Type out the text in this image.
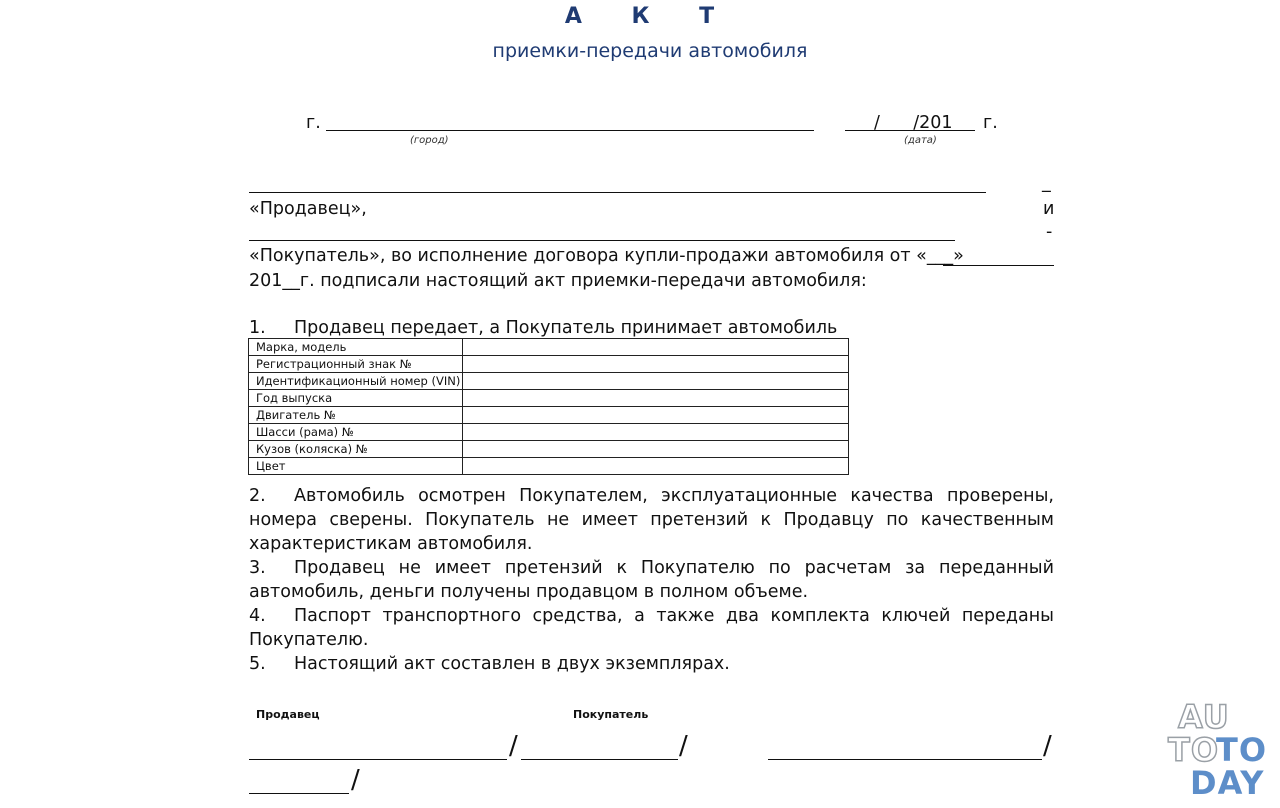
А К Т
приемки-передачи автомобиля
г.
(город)
/      /201 г.
(дата)
_
«Продавец»,	и
-
«Покупатель», во исполнение договора купли-продажи автомобиля от «___»
201__г. подписали настоящий акт приемки-передачи автомобиля:
1. Продавец передает, а Покупатель принимает автомобиль
Марка, модель	
Регистрационный знак №	
Идентификационный номер (VIN)	
Год выпуска	
Двигатель №	
Шасси (рама) №	
Кузов (коляска) №	
Цвет	
2. Автомобиль осмотрен Покупателем, эксплуатационные качества проверены, номера сверены. Покупатель не имеет претензий к Продавцу по качественным характеристикам автомобиля.
3. Продавец не имеет претензий к Покупателю по расчетам за переданный автомобиль, деньги получены продавцом в полном объеме.
4. Паспорт транспортного средства, а также два комплекта ключей переданы Покупателю.
5. Настоящий акт составлен в двух экземплярах.
Продавец	Покупатель
/	/	/
/
AU
TO
TO
DAY
